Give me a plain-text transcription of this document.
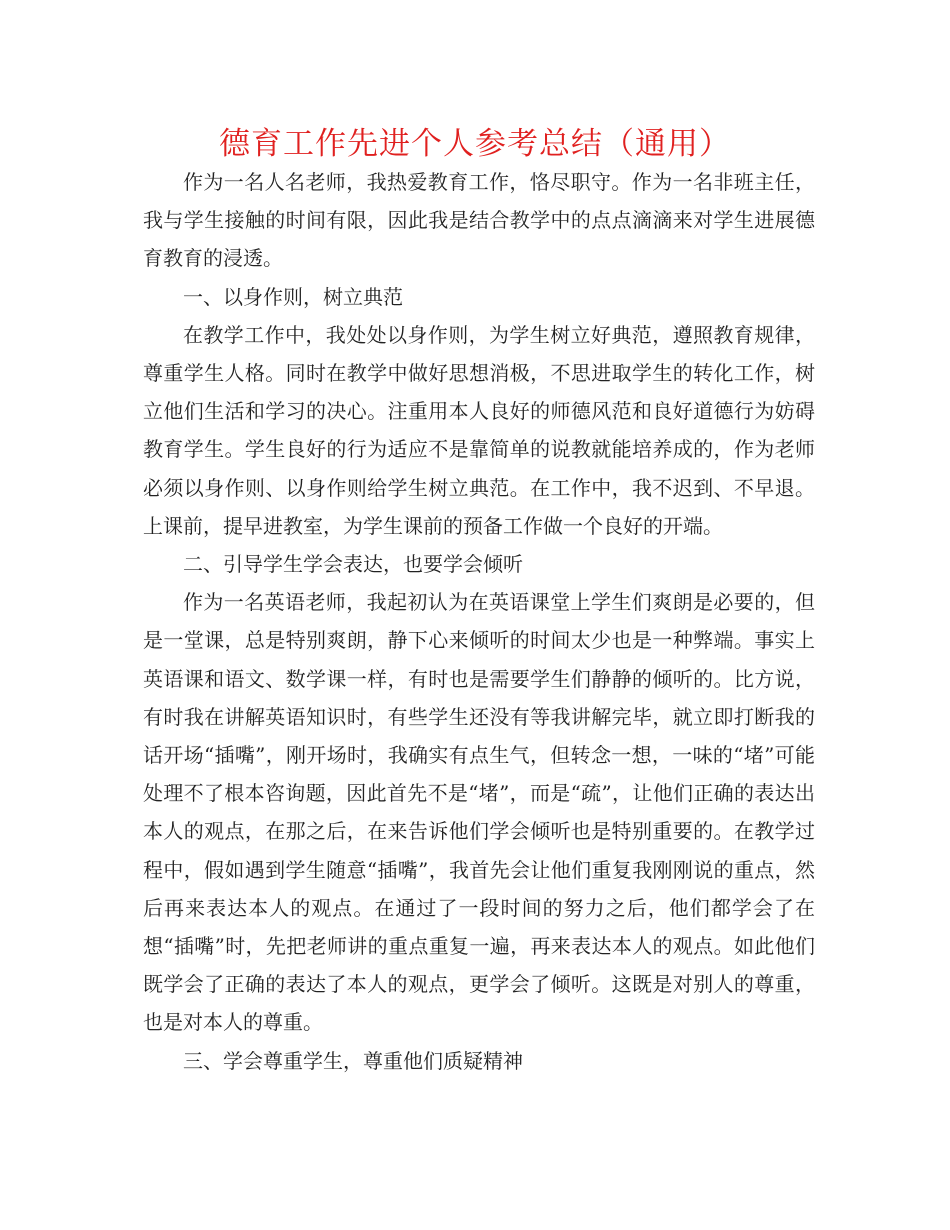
德育工作先进个人参考总结（通用）

作为一名人名老师，我热爱教育工作，恪尽职守。作为一名非班主任，我与学生接触的时间有限，因此我是结合教学中的点点滴滴来对学生进展德育教育的浸透。

一、以身作则，树立典范

在教学工作中，我处处以身作则，为学生树立好典范，遵照教育规律，尊重学生人格。同时在教学中做好思想消极，不思进取学生的转化工作，树立他们生活和学习的决心。注重用本人良好的师德风范和良好道德行为妨碍教育学生。学生良好的行为适应不是靠简单的说教就能培养成的，作为老师必须以身作则、以身作则给学生树立典范。在工作中，我不迟到、不早退。上课前，提早进教室，为学生课前的预备工作做一个良好的开端。

二、引导学生学会表达，也要学会倾听

作为一名英语老师，我起初认为在英语课堂上学生们爽朗是必要的，但是一堂课，总是特别爽朗，静下心来倾听的时间太少也是一种弊端。事实上英语课和语文、数学课一样，有时也是需要学生们静静的倾听的。比方说，有时我在讲解英语知识时，有些学生还没有等我讲解完毕，就立即打断我的话开场“插嘴”，刚开场时，我确实有点生气，但转念一想，一味的“堵”可能处理不了根本咨询题，因此首先不是“堵”，而是“疏”，让他们正确的表达出本人的观点，在那之后，在来告诉他们学会倾听也是特别重要的。在教学过程中，假如遇到学生随意“插嘴”，我首先会让他们重复我刚刚说的重点，然后再来表达本人的观点。在通过了一段时间的努力之后，他们都学会了在想“插嘴”时，先把老师讲的重点重复一遍，再来表达本人的观点。如此他们既学会了正确的表达了本人的观点，更学会了倾听。这既是对别人的尊重，也是对本人的尊重。

三、学会尊重学生，尊重他们质疑精神
